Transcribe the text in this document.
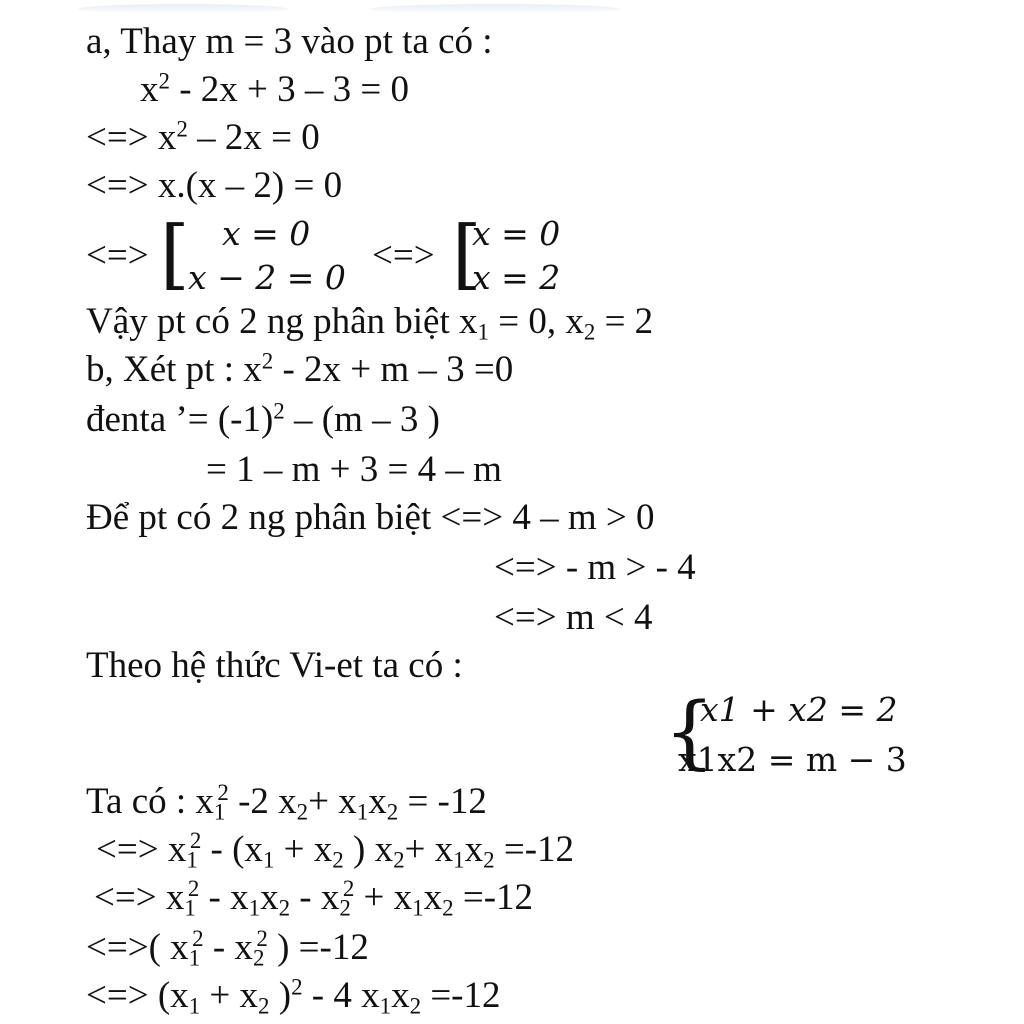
a, Thay m = 3 vào pt ta có :
$x^2 - 2x + 3 - 3 = 0$
<=> $x^2 - 2x = 0$
<=> x.(x – 2) = 0
<=> [ x = 0
x − 2 = 0
<=> [
x = 0
x = 2
Vậy pt có 2 ng phân biệt $x_1 = 0$, $x_2 = 2$
b, Xét pt : $x^2 - 2x + m - 3 =0$
đenta ’= $(-1)^2 - (m - 3$ )
= 1 – m + 3 = 4 – m
Để pt có 2 ng phân biệt <=> 4 – m > 0
<=> - m > - 4
<=> m < 4
Theo hệ thức Vi-et ta có :
{
x1 + x2 = 2
x1x2 = m − 3
Ta có : $x_1^2$ -2 $x_2+ x_1x_2 = -12$
<=> $x_1^2 - (x_1 + x_2$ ) $x_2+ x_1x_2 =-12$
<=> $x_1^2 - x_1x_2 - x_2^2 + x_1x_2 =-12$
<=>( $x_1^2 - x_2^2$ ) =-12
<=> ($x_1 + x_2$ )$^2$ - 4 $x_1x_2 =-12$
